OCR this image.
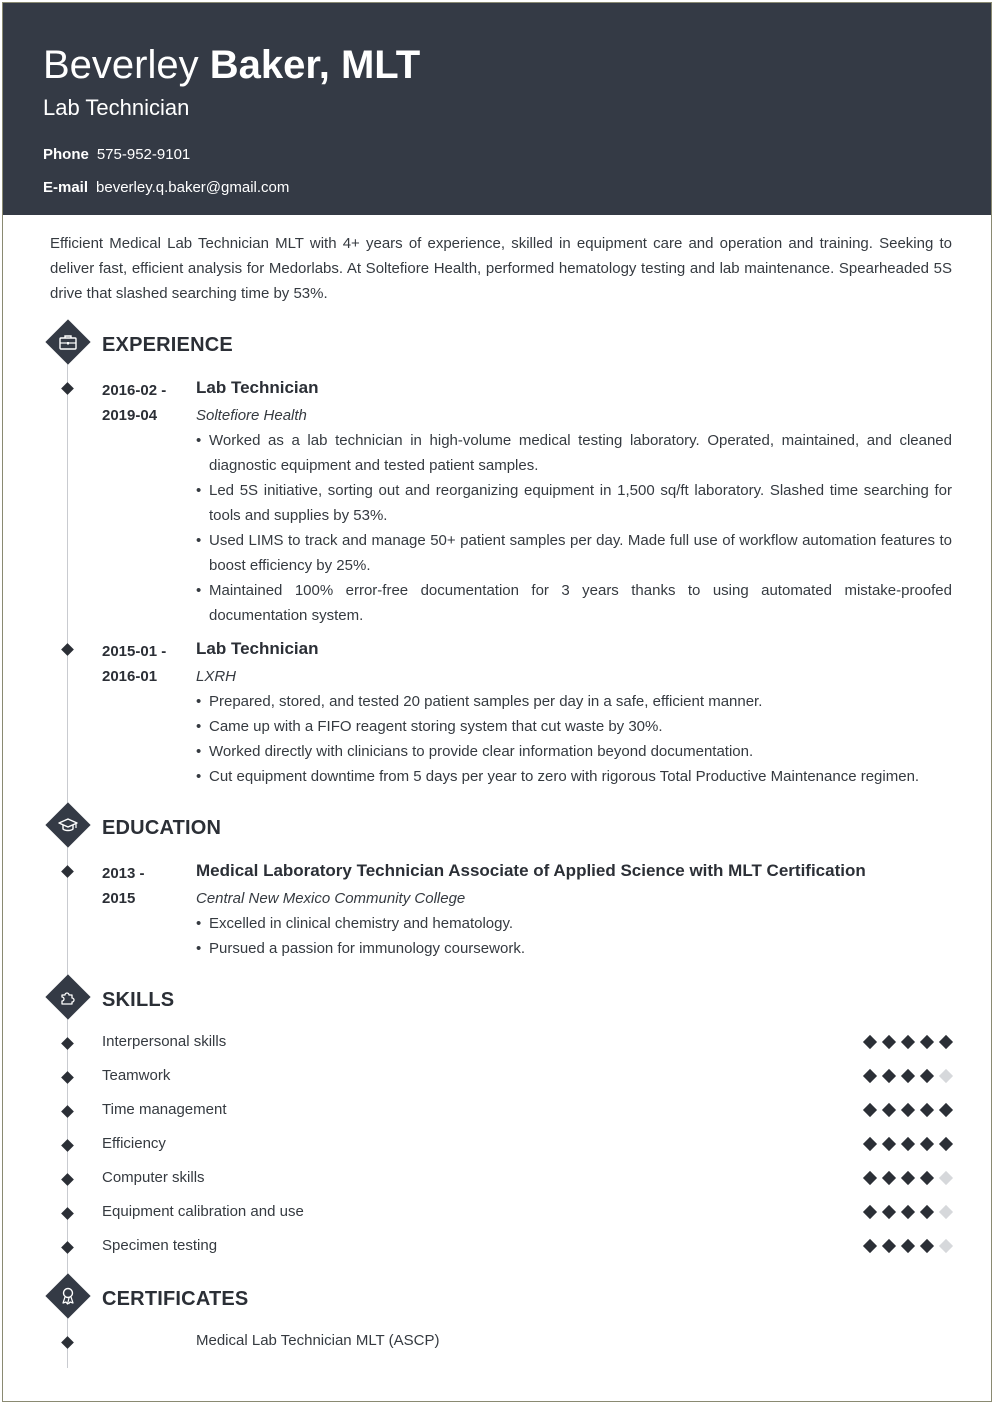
Beverley Baker, MLT
Lab Technician
Phone 575-952-9101
E-mail beverley.q.baker@gmail.com
Efficient Medical Lab Technician MLT with 4+ years of experience, skilled in equipment care and operation and training. Seeking to deliver fast, efficient analysis for Medorlabs. At Soltefiore Health, performed hematology testing and lab maintenance. Spearheaded 5S drive that slashed searching time by 53%.
EXPERIENCE
2016-02 -
2019-04
Lab Technician
Soltefiore Health
• Worked as a lab technician in high-volume medical testing laboratory. Operated, maintained, and cleaned diagnostic equipment and tested patient samples.
• Led 5S initiative, sorting out and reorganizing equipment in 1,500 sq/ft laboratory. Slashed time searching for tools and supplies by 53%.
• Used LIMS to track and manage 50+ patient samples per day. Made full use of workflow automation features to boost efficiency by 25%.
• Maintained 100% error-free documentation for 3 years thanks to using automated mistake-proofed documentation system.
2015-01 -
2016-01
Lab Technician
LXRH
• Prepared, stored, and tested 20 patient samples per day in a safe, efficient manner.
• Came up with a FIFO reagent storing system that cut waste by 30%.
• Worked directly with clinicians to provide clear information beyond documentation.
• Cut equipment downtime from 5 days per year to zero with rigorous Total Productive Maintenance regimen.
EDUCATION
2013 -
2015
Medical Laboratory Technician Associate of Applied Science with MLT Certification
Central New Mexico Community College
• Excelled in clinical chemistry and hematology.
• Pursued a passion for immunology coursework.
SKILLS
Interpersonal skills
Teamwork
Time management
Efficiency
Computer skills
Equipment calibration and use
Specimen testing
CERTIFICATES
Medical Lab Technician MLT (ASCP)
